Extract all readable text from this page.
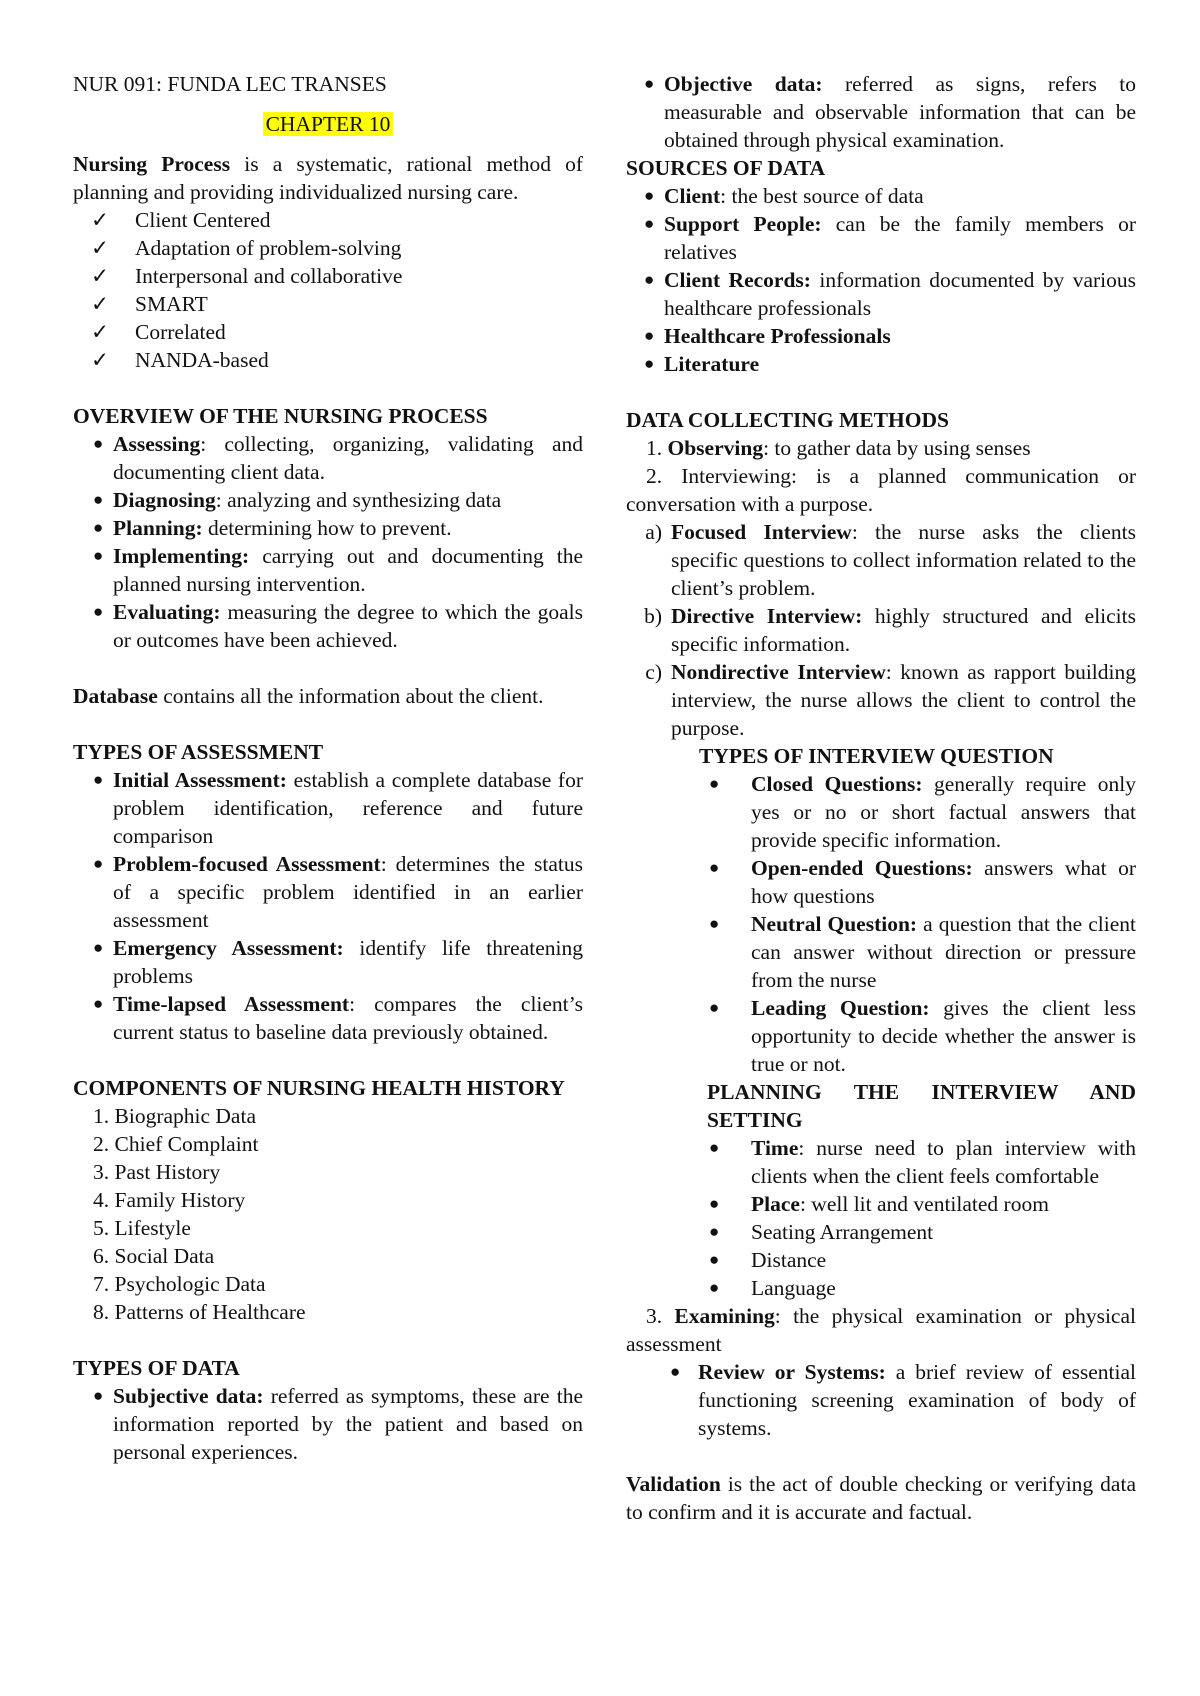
NUR 091: FUNDA LEC TRANSES

CHAPTER 10

Nursing Process is a systematic, rational method of planning and providing individualized nursing care.

✓	Client Centered
✓	Adaptation of problem-solving
✓	Interpersonal and collaborative
✓	SMART
✓	Correlated
✓	NANDA-based

OVERVIEW OF THE NURSING PROCESS

● Assessing: collecting, organizing, validating and documenting client data.
● Diagnosing: analyzing and synthesizing data
● Planning: determining how to prevent.
● Implementing: carrying out and documenting the planned nursing intervention.
● Evaluating: measuring the degree to which the goals or outcomes have been achieved.

Database contains all the information about the client.

TYPES OF ASSESSMENT

● Initial Assessment: establish a complete database for problem identification, reference and future comparison
● Problem-focused Assessment: determines the status of a specific problem identified in an earlier assessment
● Emergency Assessment: identify life threatening problems
● Time-lapsed Assessment: compares the client’s current status to baseline data previously obtained.

COMPONENTS OF NURSING HEALTH HISTORY

1. Biographic Data

2. Chief Complaint

3. Past History

4. Family History

5. Lifestyle

6. Social Data

7. Psychologic Data

8. Patterns of Healthcare

TYPES OF DATA

● Subjective data: referred as symptoms, these are the information reported by the patient and based on personal experiences.
● Objective data: referred as signs, refers to measurable and observable information that can be obtained through physical examination.

SOURCES OF DATA

● Client: the best source of data
● Support People: can be the family members or relatives
● Client Records: information documented by various healthcare professionals
● Healthcare Professionals
● Literature

DATA COLLECTING METHODS

1. Observing: to gather data by using senses

2. Interviewing: is a planned communication or conversation with a purpose.

a) Focused Interview: the nurse asks the clients specific questions to collect information related to the client’s problem.
b) Directive Interview: highly structured and elicits specific information.
c) Nondirective Interview: known as rapport building interview, the nurse allows the client to control the purpose.

TYPES OF INTERVIEW QUESTION

●	Closed Questions: generally require only yes or no or short factual answers that provide specific information.
●	Open-ended Questions: answers what or how questions
●	Neutral Question: a question that the client can answer without direction or pressure from the nurse
●	Leading Question: gives the client less opportunity to decide whether the answer is true or not.

PLANNING THE INTERVIEW AND SETTING

●	Time: nurse need to plan interview with clients when the client feels comfortable
●	Place: well lit and ventilated room
●	Seating Arrangement
●	Distance
●	Language

3. Examining: the physical examination or physical assessment

● Review or Systems: a brief review of essential functioning screening examination of body of systems.

Validation is the act of double checking or verifying data to confirm and it is accurate and factual.
